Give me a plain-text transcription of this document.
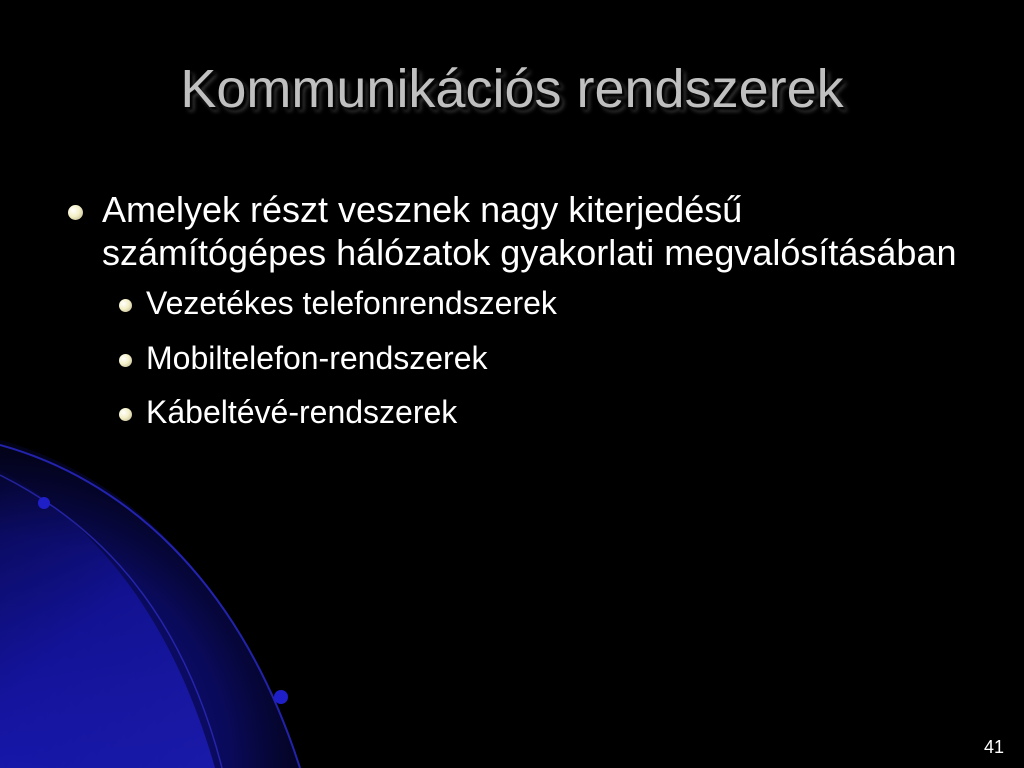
Kommunikációs rendszerek
Amelyek részt vesznek nagy kiterjedésű számítógépes hálózatok gyakorlati megvalósításában
Vezetékes telefonrendszerek
Mobiltelefon-rendszerek
Kábeltévé-rendszerek
41
